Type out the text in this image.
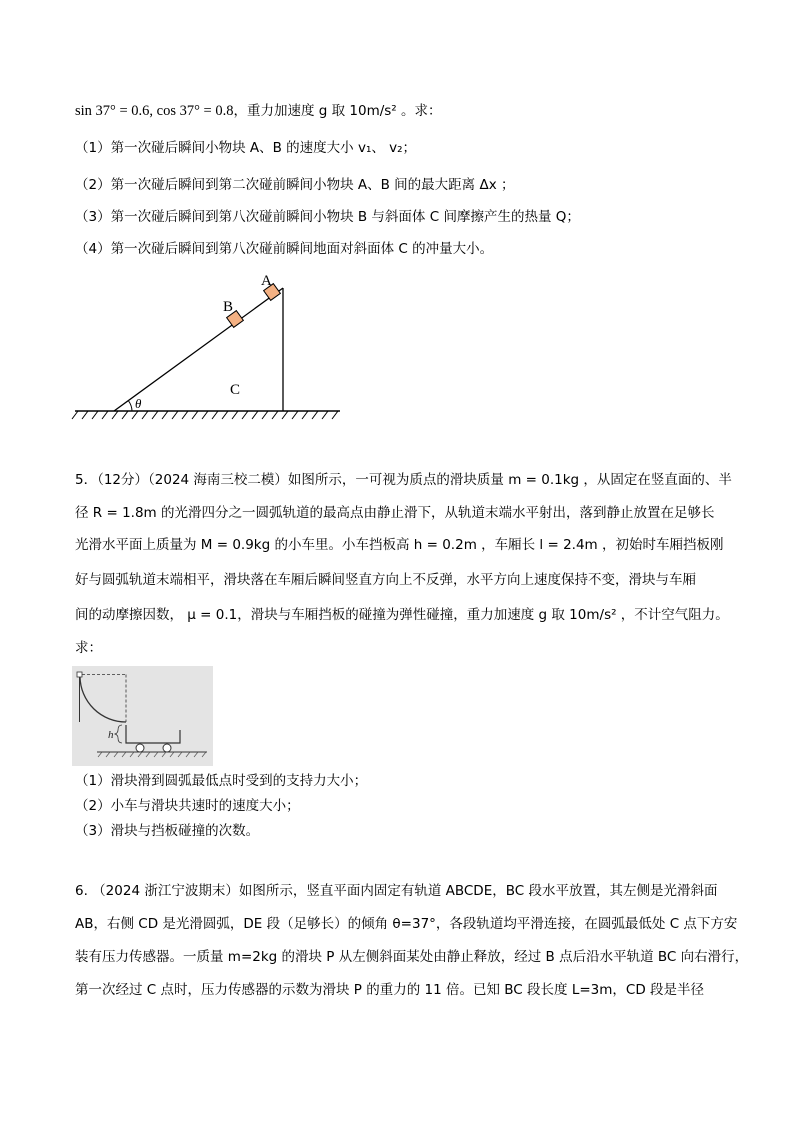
sin 37° = 0.6, cos 37° = 0.8，重力加速度 g 取 10m/s² 。求：
（1）第一次碰后瞬间小物块 A、B 的速度大小 v₁、 v₂；
（2）第一次碰后瞬间到第二次碰前瞬间小物块 A、B 间的最大距离 Δx ；
（3）第一次碰后瞬间到第八次碰前瞬间小物块 B 与斜面体 C 间摩擦产生的热量 Q；
（4）第一次碰后瞬间到第八次碰前瞬间地面对斜面体 C 的冲量大小。
A
B
C
θ
5．（12分）（2024 海南三校二模）如图所示，一可视为质点的滑块质量 m = 0.1kg ，从固定在竖直面的、半
径 R = 1.8m 的光滑四分之一圆弧轨道的最高点由静止滑下，从轨道末端水平射出，落到静止放置在足够长
光滑水平面上质量为 M = 0.9kg 的小车里。小车挡板高 h = 0.2m ，车厢长 l = 2.4m ，初始时车厢挡板刚
好与圆弧轨道末端相平，滑块落在车厢后瞬间竖直方向上不反弹，水平方向上速度保持不变，滑块与车厢
间的动摩擦因数， μ = 0.1，滑块与车厢挡板的碰撞为弹性碰撞，重力加速度 g 取 10m/s² ，不计空气阻力。
求：
h
（1）滑块滑到圆弧最低点时受到的支持力大小；
（2）小车与滑块共速时的速度大小；
（3）滑块与挡板碰撞的次数。
6. （2024 浙江宁波期末）如图所示，竖直平面内固定有轨道 ABCDE，BC 段水平放置，其左侧是光滑斜面
AB，右侧 CD 是光滑圆弧，DE 段（足够长）的倾角 θ=37°，各段轨道均平滑连接，在圆弧最低处 C 点下方安
装有压力传感器。一质量 m=2kg 的滑块 P 从左侧斜面某处由静止释放，经过 B 点后沿水平轨道 BC 向右滑行，
第一次经过 C 点时，压力传感器的示数为滑块 P 的重力的 11 倍。已知 BC 段长度 L=3m，CD 段是半径
